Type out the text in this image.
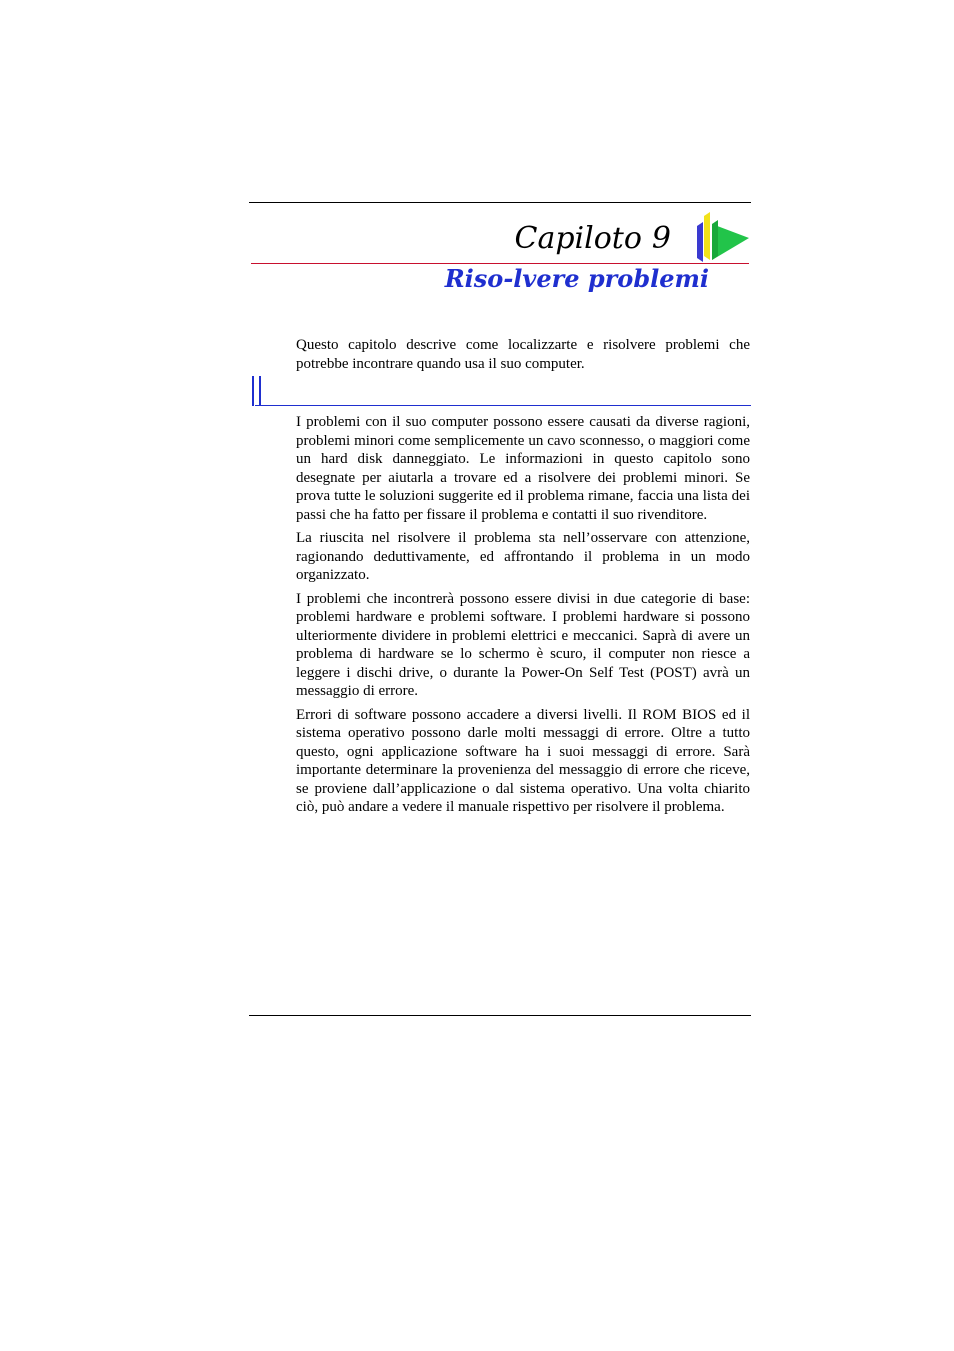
Capiloto 9
Riso-lvere problemi
Questo capitolo descrive come localizzarte e risolvere problemi che potrebbe incontrare quando usa il suo computer.

I problemi con il suo computer possono essere causati da diverse ragioni, problemi minori come semplicemente un cavo sconnesso, o maggiori come un hard disk danneggiato. Le informazioni in questo capitolo sono desegnate per aiutarla a trovare ed a risolvere dei problemi minori. Se prova tutte le soluzioni suggerite ed il problema rimane, faccia una lista dei passi che ha fatto per fissare il problema e contatti il suo rivenditore.

La riuscita nel risolvere il problema sta nell’osservare con attenzione, ragionando deduttivamente, ed affrontando il problema in un modo organizzato.

I problemi che incontrerà possono essere divisi in due categorie di base: problemi hardware e problemi software. I problemi hardware si possono ulteriormente dividere in problemi elettrici e meccanici. Saprà di avere un problema di hardware se lo schermo è scuro, il computer non riesce a leggere i dischi drive, o durante la Power-On Self Test (POST) avrà un messaggio di errore.

Errori di software possono accadere a diversi livelli. Il ROM BIOS ed il sistema operativo possono darle molti messaggi di errore. Oltre a tutto questo, ogni applicazione software ha i suoi messaggi di errore. Sarà importante determinare la provenienza del messaggio di errore che riceve, se proviene dall’applicazione o dal sistema operativo. Una volta chiarito ciò, può andare a vedere il manuale rispettivo per risolvere il problema.
